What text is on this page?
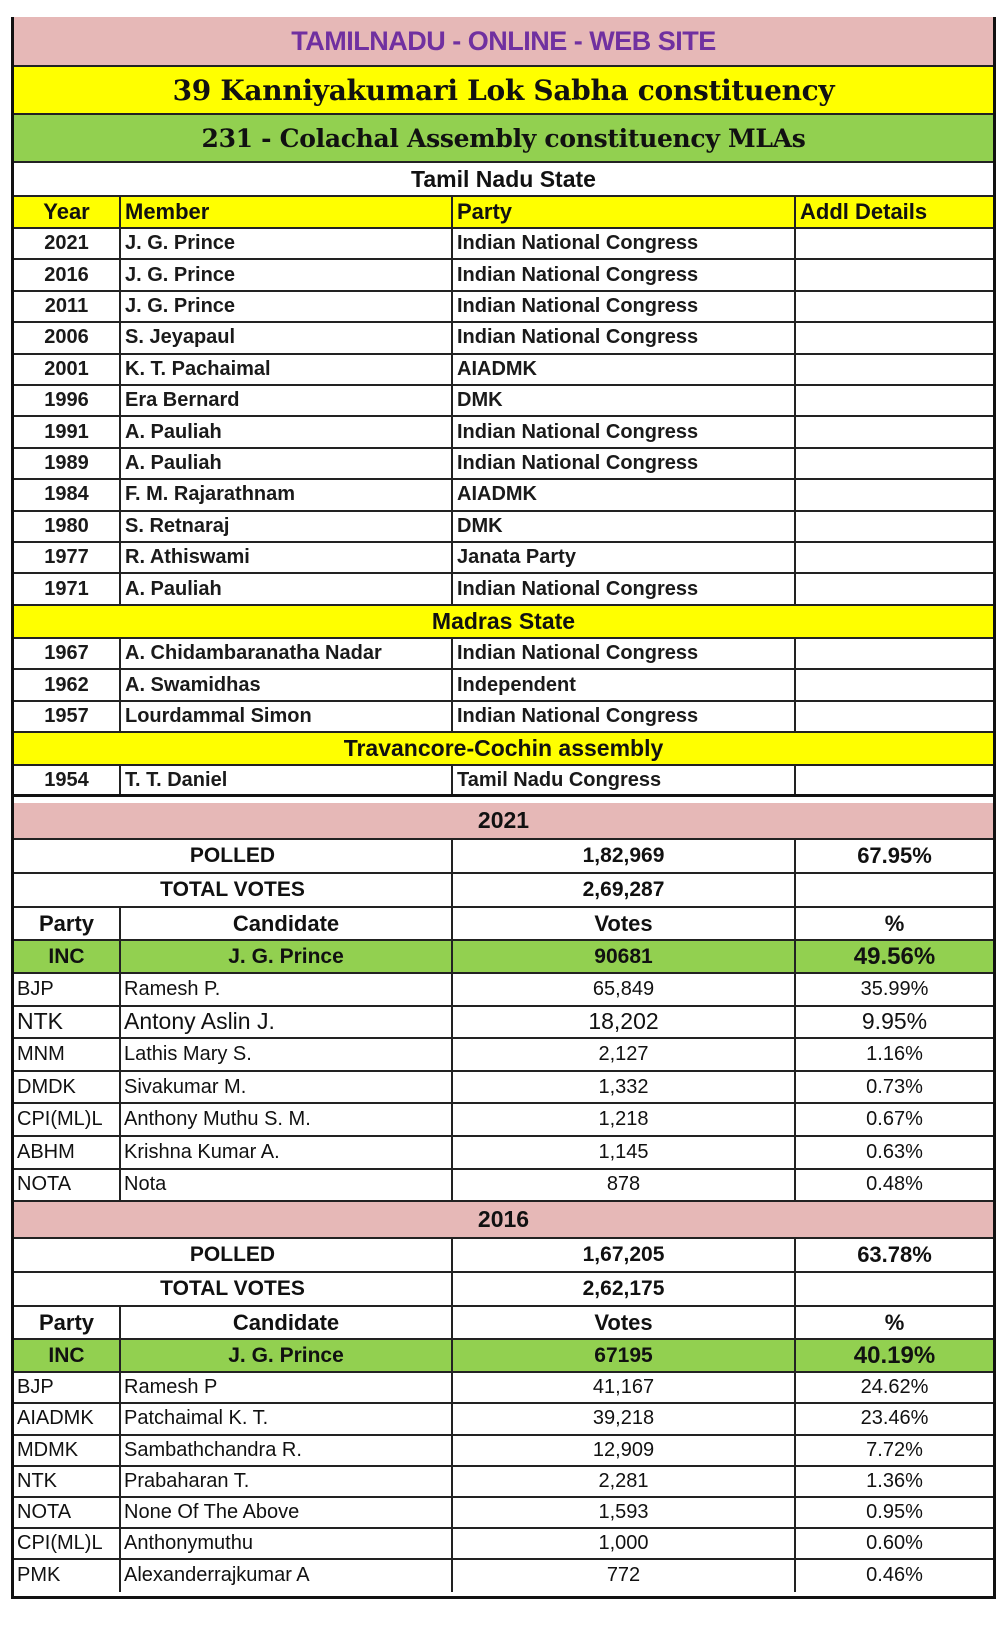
TAMILNADU - ONLINE - WEB SITE
39 Kanniyakumari Lok Sabha constituency
231 - Colachal Assembly constituency MLAs
Tamil Nadu State
Year	Member	Party	Addl Details
2021	J. G. Prince	Indian National Congress
2016	J. G. Prince	Indian National Congress
2011	J. G. Prince	Indian National Congress
2006	S. Jeyapaul	Indian National Congress
2001	K. T. Pachaimal	AIADMK
1996	Era Bernard	DMK
1991	A. Pauliah	Indian National Congress
1989	A. Pauliah	Indian National Congress
1984	F. M. Rajarathnam	AIADMK
1980	S. Retnaraj	DMK
1977	R. Athiswami	Janata Party
1971	A. Pauliah	Indian National Congress
Madras State
1967	A. Chidambaranatha Nadar	Indian National Congress
1962	A. Swamidhas	Independent
1957	Lourdammal Simon	Indian National Congress
Travancore-Cochin assembly
1954	T. T. Daniel	Tamil Nadu Congress
2021
POLLED	1,82,969	67.95%
TOTAL VOTES	2,69,287
Party	Candidate	Votes	%
INC	J. G. Prince	90681	49.56%
BJP	Ramesh P.	65,849	35.99%
NTK	Antony Aslin J.	18,202	9.95%
MNM	Lathis Mary S.	2,127	1.16%
DMDK	Sivakumar M.	1,332	0.73%
CPI(ML)L	Anthony Muthu S. M.	1,218	0.67%
ABHM	Krishna Kumar A.	1,145	0.63%
NOTA	Nota	878	0.48%
2016
POLLED	1,67,205	63.78%
TOTAL VOTES	2,62,175
Party	Candidate	Votes	%
INC	J. G. Prince	67195	40.19%
BJP	Ramesh P	41,167	24.62%
AIADMK	Patchaimal K. T.	39,218	23.46%
MDMK	Sambathchandra R.	12,909	7.72%
NTK	Prabaharan T.	2,281	1.36%
NOTA	None Of The Above	1,593	0.95%
CPI(ML)L	Anthonymuthu	1,000	0.60%
PMK	Alexanderrajkumar A	772	0.46%
